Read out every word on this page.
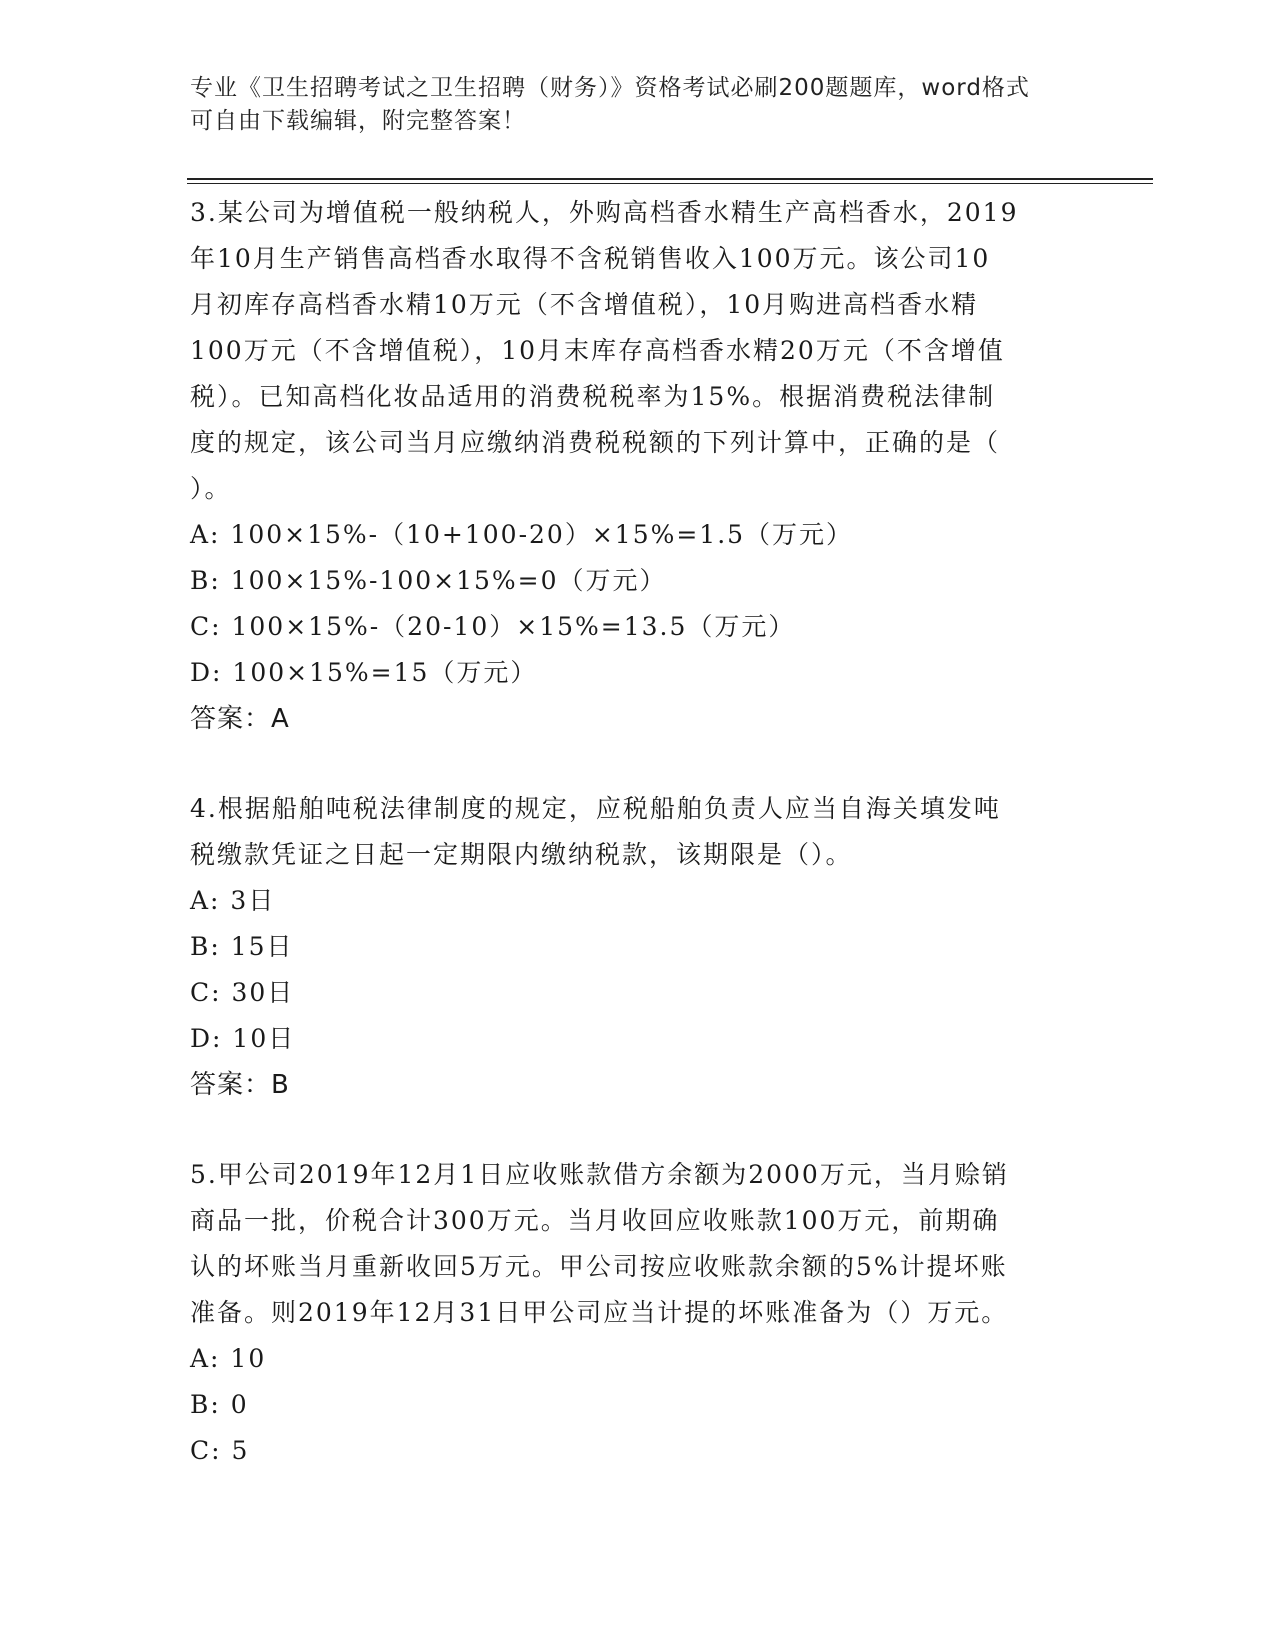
专业《卫生招聘考试之卫生招聘（财务）》资格考试必刷200题题库，word格式
可自由下载编辑，附完整答案！
3.某公司为增值税一般纳税人，外购高档香水精生产高档香水，2019
年10月生产销售高档香水取得不含税销售收入100万元。该公司10
月初库存高档香水精10万元（不含增值税），10月购进高档香水精
100万元（不含增值税），10月末库存高档香水精20万元（不含增值
税）。已知高档化妆品适用的消费税税率为15%。根据消费税法律制
度的规定，该公司当月应缴纳消费税税额的下列计算中，正确的是（
）。
A: 100×15%-（10+100-20）×15%=1.5（万元）
B: 100×15%-100×15%=0（万元）
C: 100×15%-（20-10）×15%=13.5（万元）
D: 100×15%=15（万元）
答案：A
4.根据船舶吨税法律制度的规定，应税船舶负责人应当自海关填发吨
税缴款凭证之日起一定期限内缴纳税款，该期限是（）。
A: 3日
B: 15日
C: 30日
D: 10日
答案：B
5.甲公司2019年12月1日应收账款借方余额为2000万元，当月赊销
商品一批，价税合计300万元。当月收回应收账款100万元，前期确
认的坏账当月重新收回5万元。甲公司按应收账款余额的5%计提坏账
准备。则2019年12月31日甲公司应当计提的坏账准备为（）万元。
A: 10
B: 0
C: 5
